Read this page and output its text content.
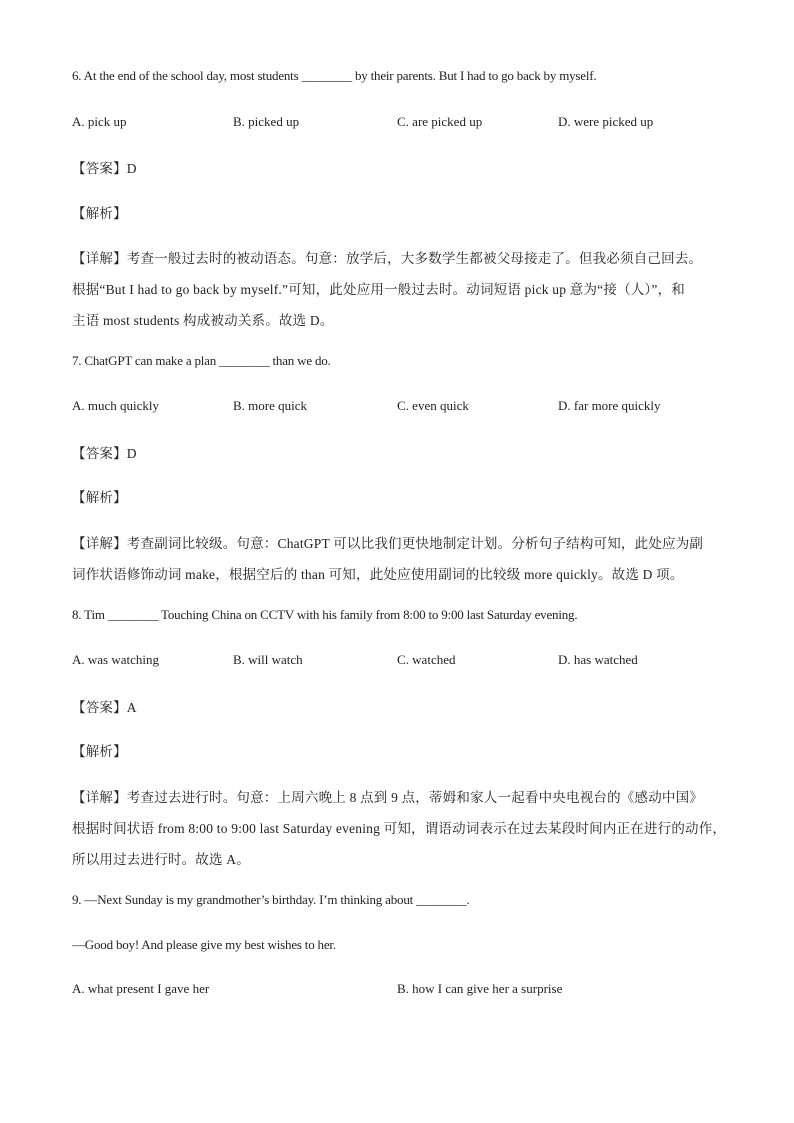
6. At the end of the school day, most students ________ by their parents. But I had to go back by myself.
A. pick up	B. picked up	C. are picked up	D. were picked up
【答案】D
【解析】
【详解】考查一般过去时的被动语态。句意：放学后，大多数学生都被父母接走了。但我必须自己回去。
根据“But I had to go back by myself.”可知，此处应用一般过去时。动词短语 pick up 意为“接（人）”，和
主语 most students 构成被动关系。故选 D。
7. ChatGPT can make a plan ________ than we do.
A. much quickly	B. more quick	C. even quick	D. far more quickly
【答案】D
【解析】
【详解】考查副词比较级。句意：ChatGPT 可以比我们更快地制定计划。分析句子结构可知，此处应为副
词作状语修饰动词 make，根据空后的 than 可知，此处应使用副词的比较级 more quickly。故选 D 项。
8. Tim ________ Touching China on CCTV with his family from 8:00 to 9:00 last Saturday evening.
A. was watching	B. will watch	C. watched	D. has watched
【答案】A
【解析】
【详解】考查过去进行时。句意：上周六晚上 8 点到 9 点，蒂姆和家人一起看中央电视台的《感动中国》
根据时间状语 from 8:00 to 9:00 last Saturday evening 可知，谓语动词表示在过去某段时间内正在进行的动作，
所以用过去进行时。故选 A。
9. —Next Sunday is my grandmother’s birthday. I’m thinking about ________.
—Good boy! And please give my best wishes to her.
A. what present I gave her	B. how I can give her a surprise
